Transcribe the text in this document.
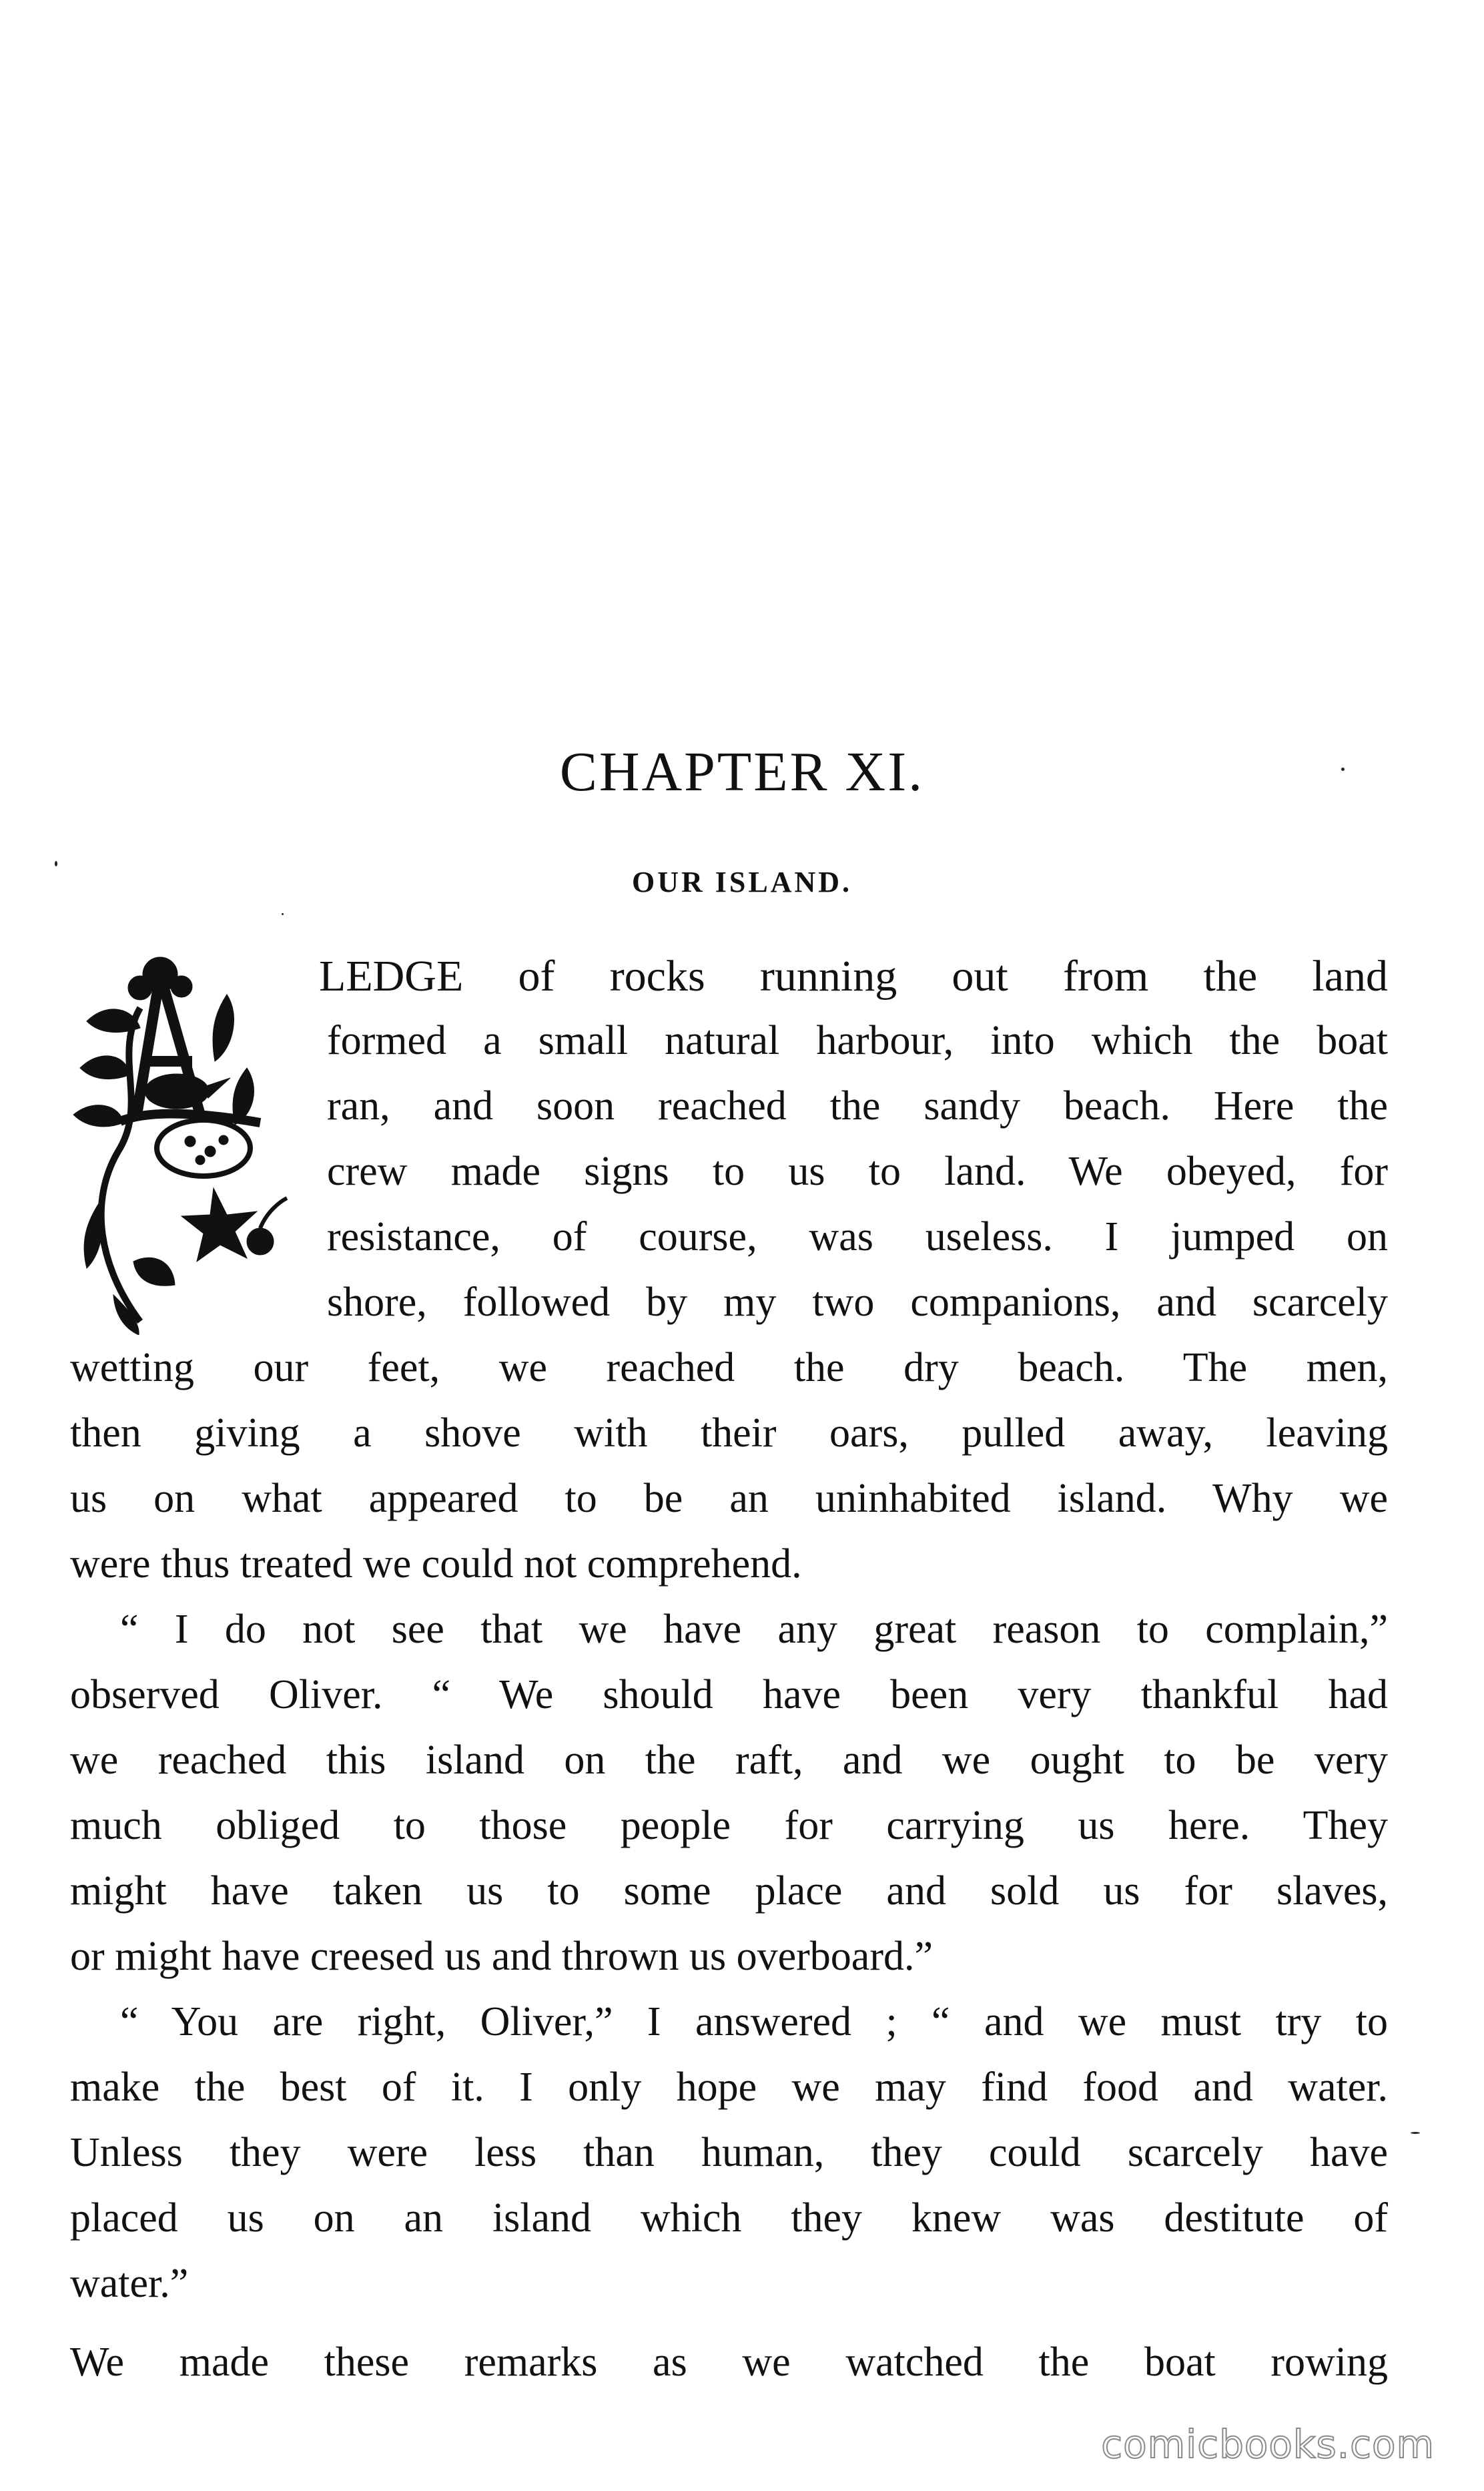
CHAPTER XI.
OUR ISLAND.
LEDGE of rocks running out from the land
formed a small natural harbour, into which the boat
ran, and soon reached the sandy beach. Here the
crew made signs to us to land. We obeyed, for
resistance, of course, was useless. I jumped on
shore, followed by my two companions, and scarcely
wetting our feet, we reached the dry beach. The men,
then giving a shove with their oars, pulled away, leaving
us on what appeared to be an uninhabited island. Why we
were thus treated we could not comprehend.
“ I do not see that we have any great reason to complain,”
observed Oliver. “ We should have been very thankful had
we reached this island on the raft, and we ought to be very
much obliged to those people for carrying us here. They
might have taken us to some place and sold us for slaves,
or might have creesed us and thrown us overboard.”
“ You are right, Oliver,” I answered ; “ and we must try to
make the best of it. I only hope we may find food and water.
Unless they were less than human, they could scarcely have
placed us on an island which they knew was destitute of
water.”
We made these remarks as we watched the boat rowing
comicbooks.com
